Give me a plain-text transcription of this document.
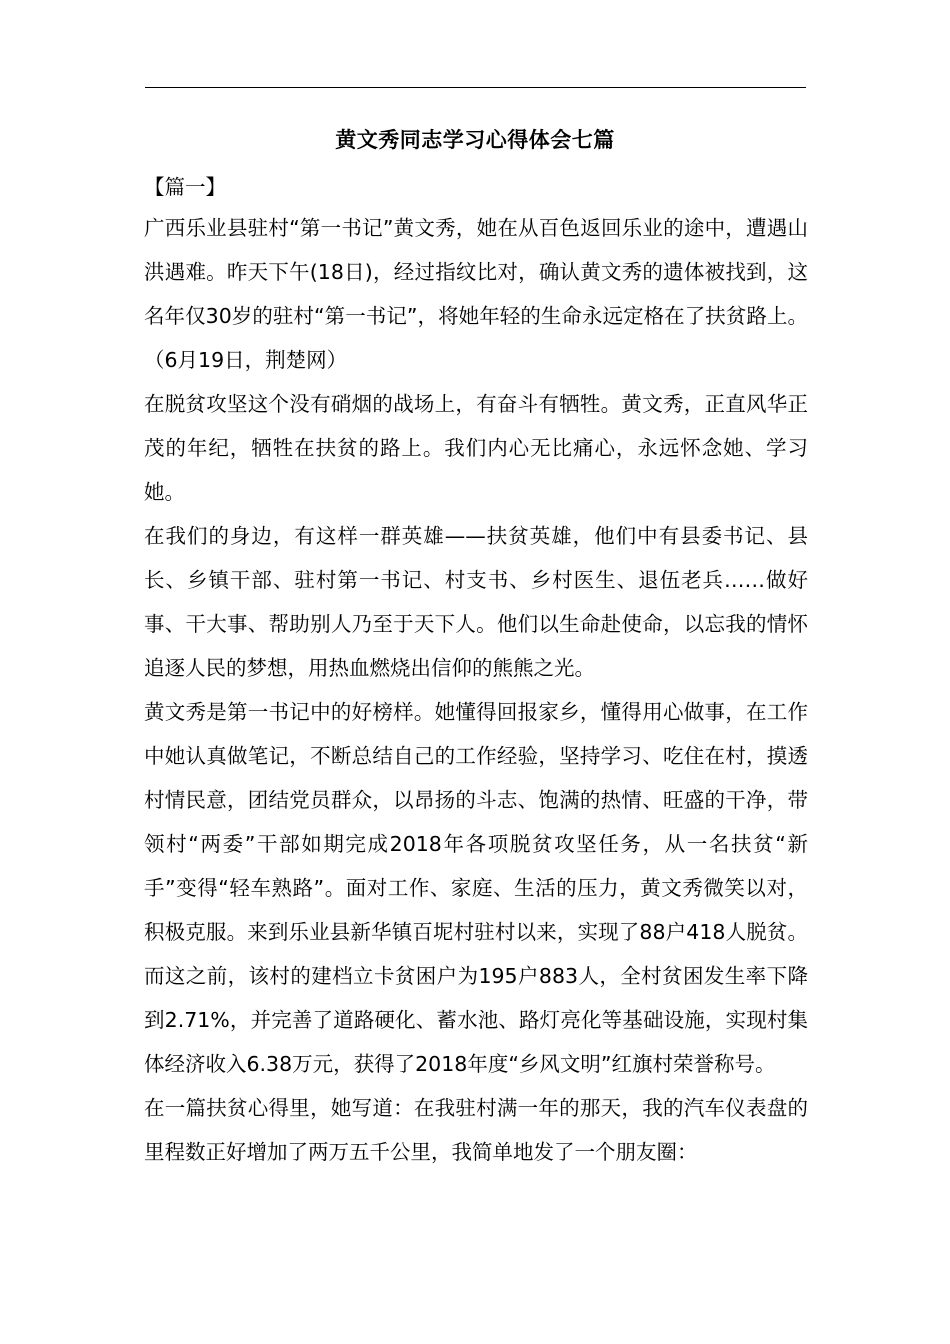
黄文秀同志学习心得体会七篇

【篇一】

广西乐业县驻村“第一书记”黄文秀，她在从百色返回乐业的途中，遭遇山洪遇难。昨天下午(18日)，经过指纹比对，确认黄文秀的遗体被找到，这名年仅30岁的驻村“第一书记”，将她年轻的生命永远定格在了扶贫路上。（6月19日，荆楚网）

在脱贫攻坚这个没有硝烟的战场上，有奋斗有牺牲。黄文秀，正直风华正茂的年纪，牺牲在扶贫的路上。我们内心无比痛心，永远怀念她、学习她。

在我们的身边，有这样一群英雄——扶贫英雄，他们中有县委书记、县长、乡镇干部、驻村第一书记、村支书、乡村医生、退伍老兵……做好事、干大事、帮助别人乃至于天下人。他们以生命赴使命，以忘我的情怀追逐人民的梦想，用热血燃烧出信仰的熊熊之光。

黄文秀是第一书记中的好榜样。她懂得回报家乡，懂得用心做事，在工作中她认真做笔记，不断总结自己的工作经验，坚持学习、吃住在村，摸透村情民意，团结党员群众，以昂扬的斗志、饱满的热情、旺盛的干净，带领村“两委”干部如期完成2018年各项脱贫攻坚任务，从一名扶贫“新手”变得“轻车熟路”。面对工作、家庭、生活的压力，黄文秀微笑以对，积极克服。来到乐业县新华镇百坭村驻村以来，实现了88户418人脱贫。而这之前，该村的建档立卡贫困户为195户883人，全村贫困发生率下降到2.71%，并完善了道路硬化、蓄水池、路灯亮化等基础设施，实现村集体经济收入6.38万元，获得了2018年度“乡风文明”红旗村荣誉称号。

在一篇扶贫心得里，她写道：在我驻村满一年的那天，我的汽车仪表盘的里程数正好增加了两万五千公里，我简单地发了一个朋友圈：
